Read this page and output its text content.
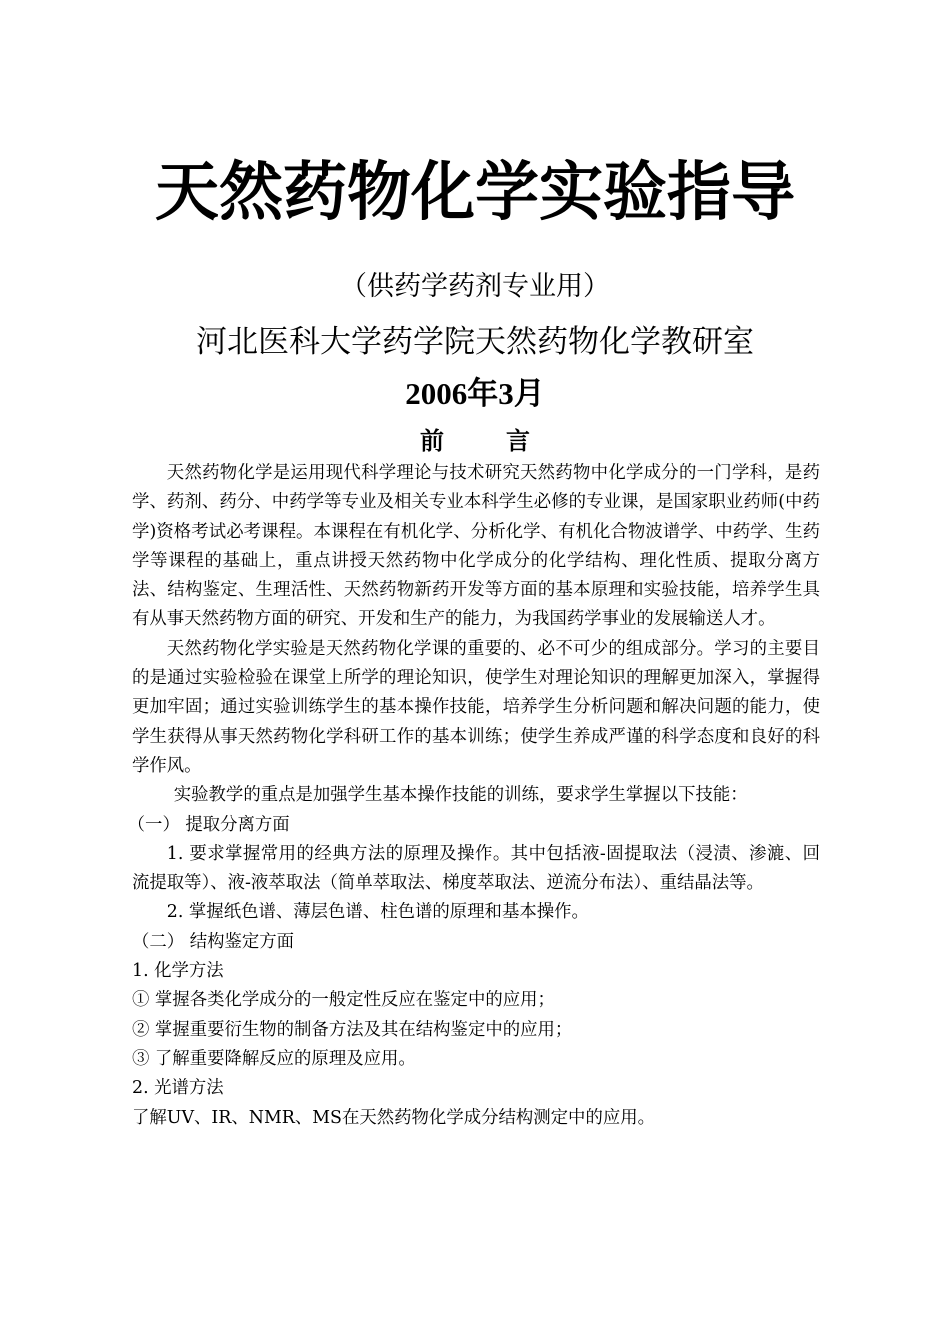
天然药物化学实验指导
（供药学药剂专业用）
河北医科大学药学院天然药物化学教研室
2006年3月
前言

天然药物化学是运用现代科学理论与技术研究天然药物中化学成分的一门学科，是药学、药剂、药分、中药学等专业及相关专业本科学生必修的专业课，是国家职业药师(中药学)资格考试必考课程。本课程在有机化学、分析化学、有机化合物波谱学、中药学、生药学等课程的基础上，重点讲授天然药物中化学成分的化学结构、理化性质、提取分离方法、结构鉴定、生理活性、天然药物新药开发等方面的基本原理和实验技能，培养学生具有从事天然药物方面的研究、开发和生产的能力，为我国药学事业的发展输送人才。

天然药物化学实验是天然药物化学课的重要的、必不可少的组成部分。学习的主要目的是通过实验检验在课堂上所学的理论知识，使学生对理论知识的理解更加深入，掌握得更加牢固；通过实验训练学生的基本操作技能，培养学生分析问题和解决问题的能力，使学生获得从事天然药物化学科研工作的基本训练；使学生养成严谨的科学态度和良好的科学作风。

实验教学的重点是加强学生基本操作技能的训练，要求学生掌握以下技能：

（一） 提取分离方面

1. 要求掌握常用的经典方法的原理及操作。其中包括液-固提取法（浸渍、渗漉、回流提取等）、液-液萃取法（简单萃取法、梯度萃取法、逆流分布法）、重结晶法等。

2. 掌握纸色谱、薄层色谱、柱色谱的原理和基本操作。

（二） 结构鉴定方面

1. 化学方法

① 掌握各类化学成分的一般定性反应在鉴定中的应用；

② 掌握重要衍生物的制备方法及其在结构鉴定中的应用；

③ 了解重要降解反应的原理及应用。

2. 光谱方法

了解UV、IR、NMR、MS在天然药物化学成分结构测定中的应用。
